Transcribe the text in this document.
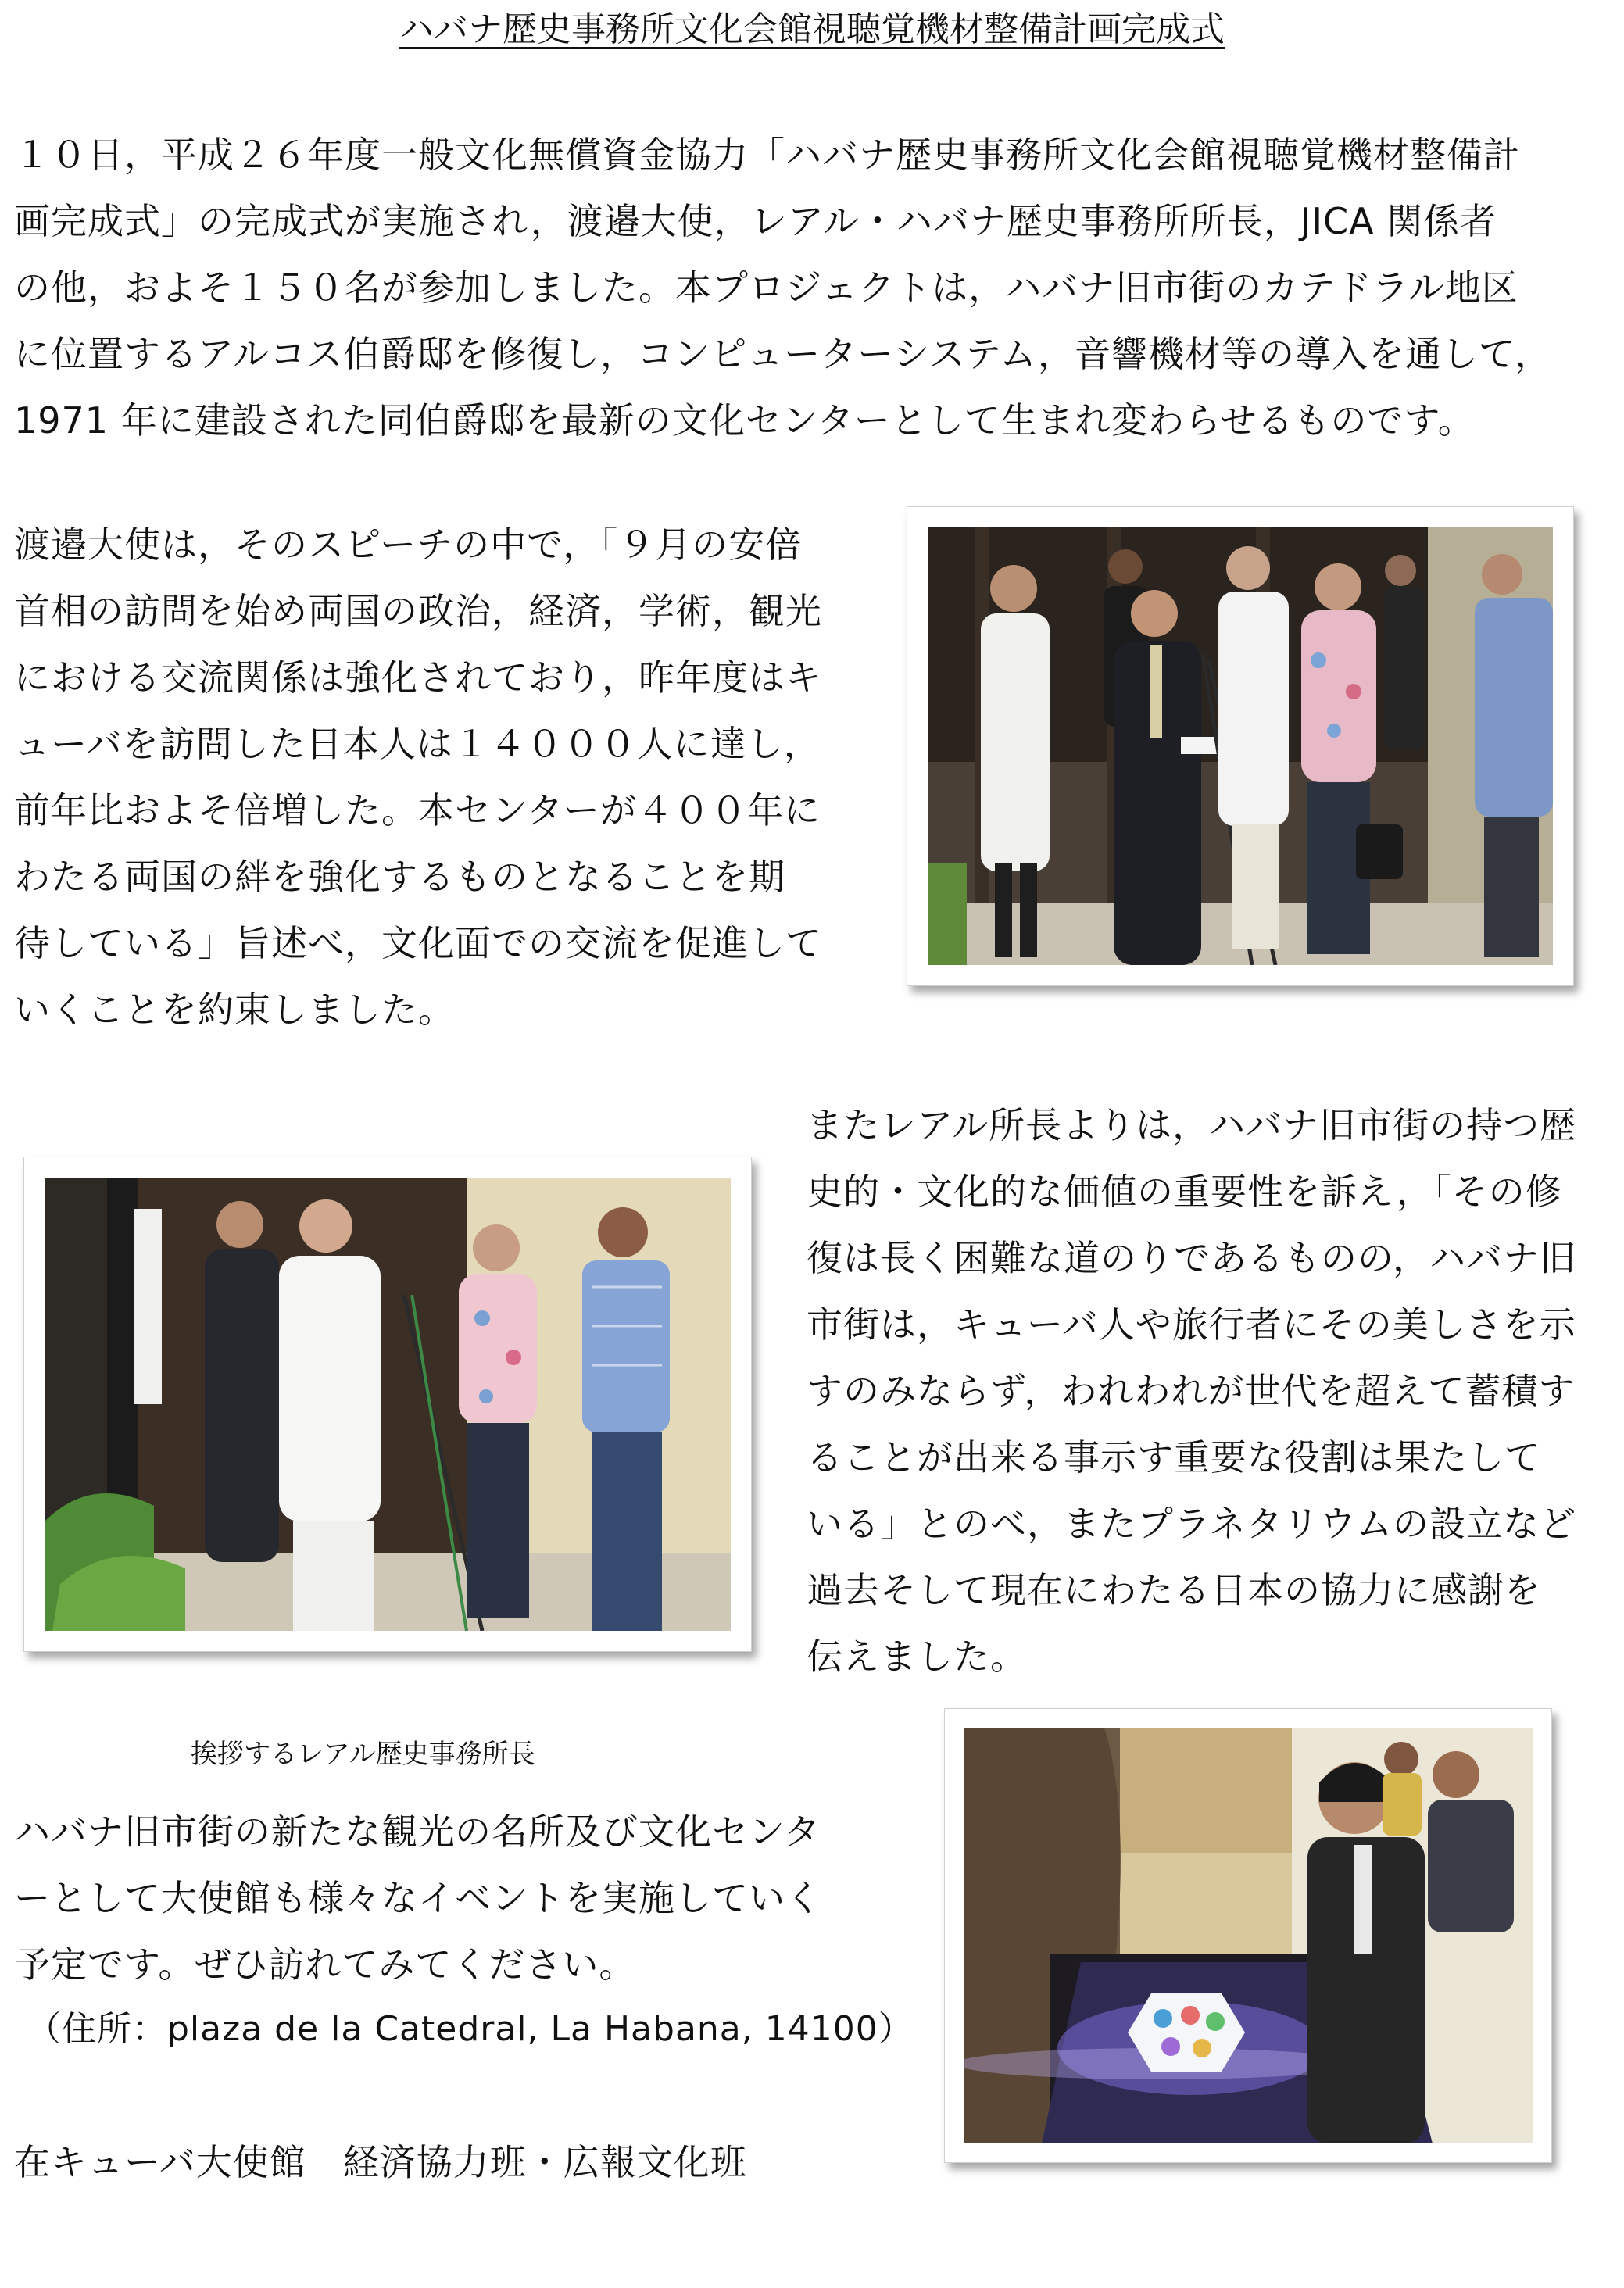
ハバナ歴史事務所文化会館視聴覚機材整備計画完成式
１０日，平成２６年度一般文化無償資金協力「ハバナ歴史事務所文化会館視聴覚機材整備計
画完成式」の完成式が実施され，渡邉大使，レアル・ハバナ歴史事務所所長，JICA 関係者
の他，およそ１５０名が参加しました。本プロジェクトは，ハバナ旧市街のカテドラル地区
に位置するアルコス伯爵邸を修復し，コンピューターシステム，音響機材等の導入を通して，
1971 年に建設された同伯爵邸を最新の文化センターとして生まれ変わらせるものです。
渡邉大使は，そのスピーチの中で，「９月の安倍
首相の訪問を始め両国の政治，経済，学術，観光
における交流関係は強化されており，昨年度はキ
ューバを訪問した日本人は１４０００人に達し，
前年比およそ倍増した。本センターが４００年に
わたる両国の絆を強化するものとなることを期
待している」旨述べ，文化面での交流を促進して
いくことを約束しました。
またレアル所長よりは，ハバナ旧市街の持つ歴
史的・文化的な価値の重要性を訴え，「その修
復は長く困難な道のりであるものの，ハバナ旧
市街は，キューバ人や旅行者にその美しさを示
すのみならず，われわれが世代を超えて蓄積す
ることが出来る事示す重要な役割は果たして
いる」とのべ，またプラネタリウムの設立など
過去そして現在にわたる日本の協力に感謝を
伝えました。
挨拶するレアル歴史事務所長
ハバナ旧市街の新たな観光の名所及び文化センタ
ーとして大使館も様々なイベントを実施していく
予定です。ぜひ訪れてみてください。
（住所：plaza de la Catedral, La Habana, 14100）
在キューバ大使館　経済協力班・広報文化班
